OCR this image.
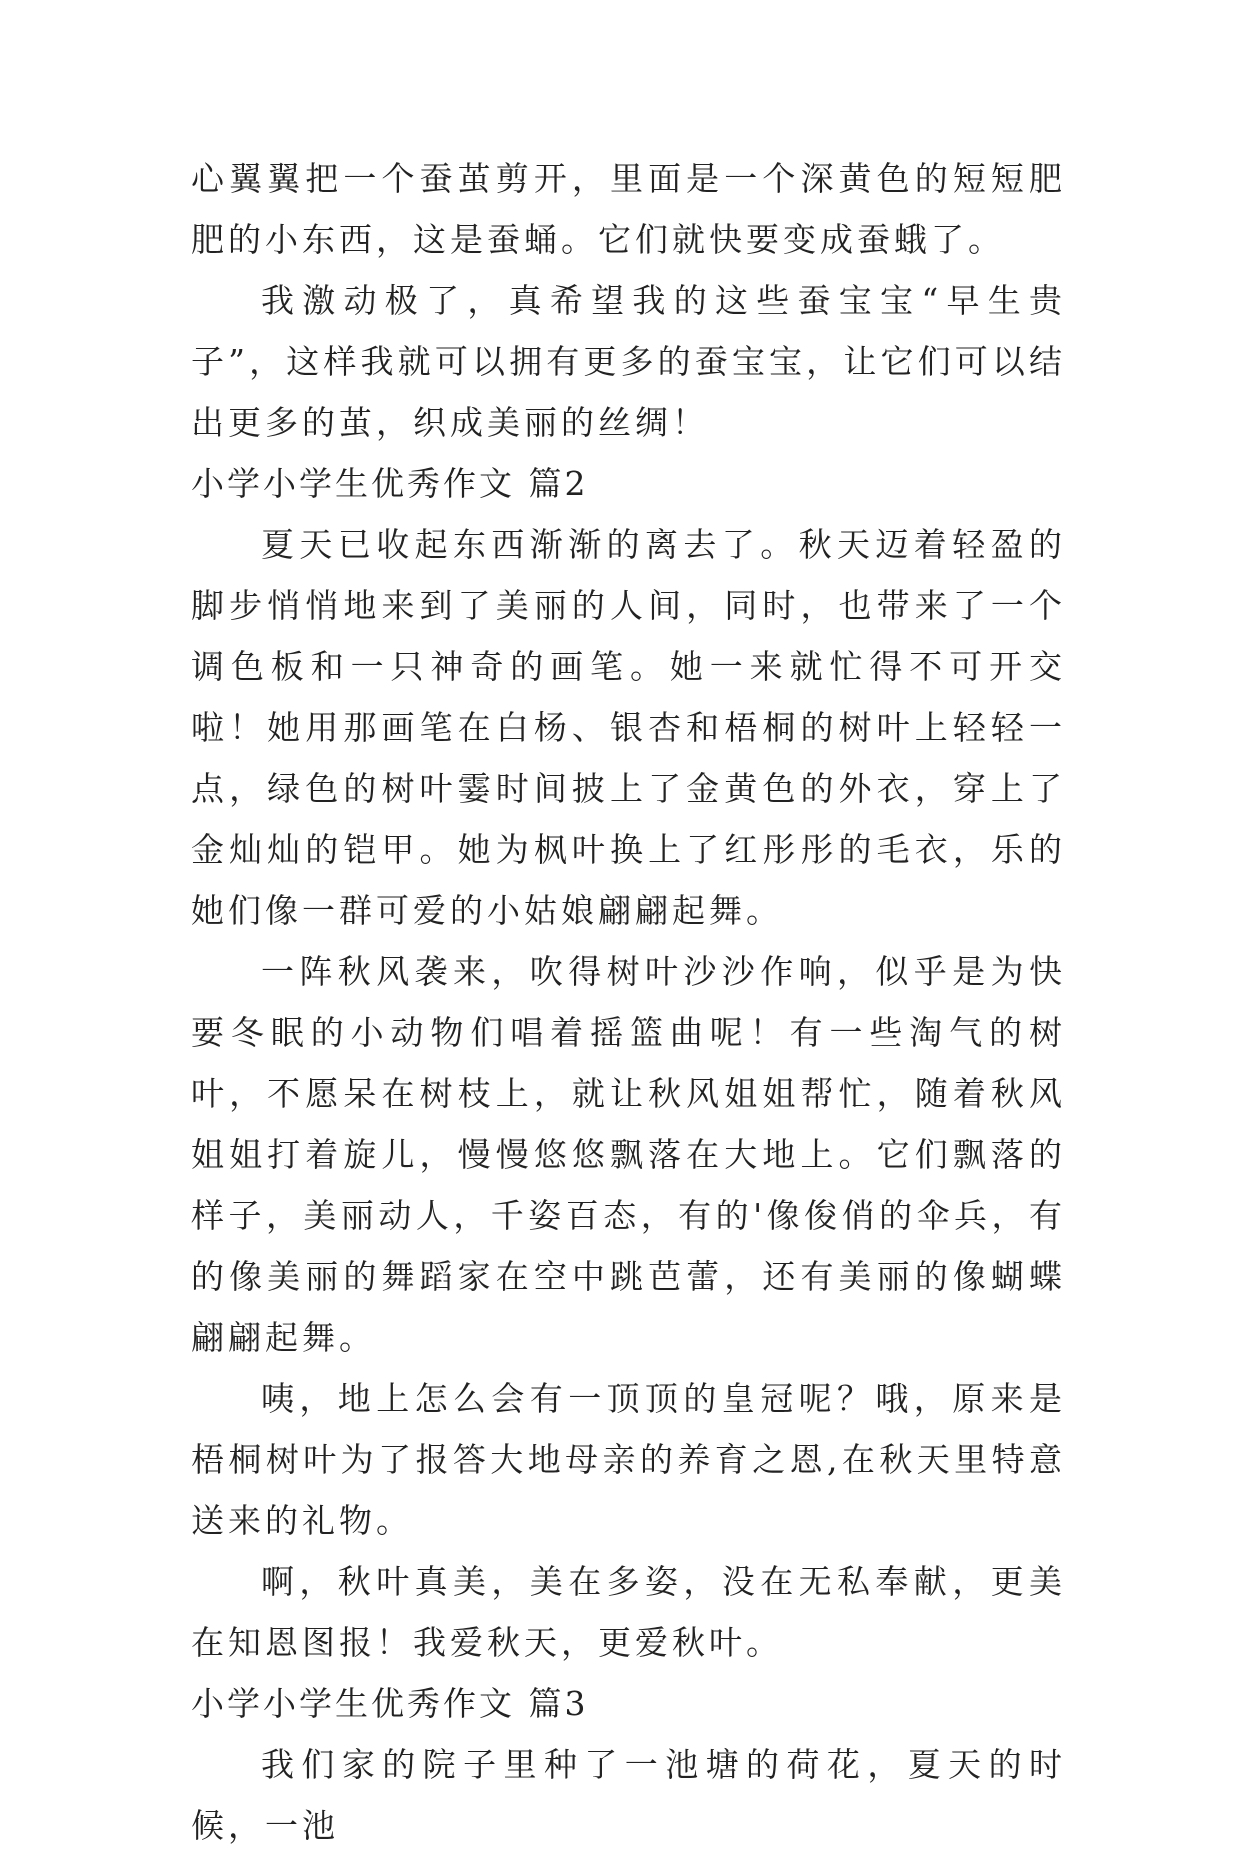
心翼翼把一个蚕茧剪开，里面是一个深黄色的短短肥肥的小东西，这是蚕蛹。它们就快要变成蚕蛾了。

我激动极了，真希望我的这些蚕宝宝“早生贵子”，这样我就可以拥有更多的蚕宝宝，让它们可以结出更多的茧，织成美丽的丝绸！

小学小学生优秀作文 篇2

夏天已收起东西渐渐的离去了。秋天迈着轻盈的脚步悄悄地来到了美丽的人间，同时，也带来了一个调色板和一只神奇的画笔。她一来就忙得不可开交啦！她用那画笔在白杨、银杏和梧桐的树叶上轻轻一点，绿色的树叶霎时间披上了金黄色的外衣，穿上了金灿灿的铠甲。她为枫叶换上了红彤彤的毛衣，乐的她们像一群可爱的小姑娘翩翩起舞。

一阵秋风袭来，吹得树叶沙沙作响，似乎是为快要冬眠的小动物们唱着摇篮曲呢！有一些淘气的树叶，不愿呆在树枝上，就让秋风姐姐帮忙，随着秋风姐姐打着旋儿，慢慢悠悠飘落在大地上。它们飘落的样子，美丽动人，千姿百态，有的'像俊俏的伞兵，有的像美丽的舞蹈家在空中跳芭蕾，还有美丽的像蝴蝶翩翩起舞。

咦，地上怎么会有一顶顶的皇冠呢？哦，原来是梧桐树叶为了报答大地母亲的养育之恩,在秋天里特意送来的礼物。

啊，秋叶真美，美在多姿，没在无私奉献，更美在知恩图报！我爱秋天，更爱秋叶。

小学小学生优秀作文 篇3

我们家的院子里种了一池塘的荷花，夏天的时候，一池
